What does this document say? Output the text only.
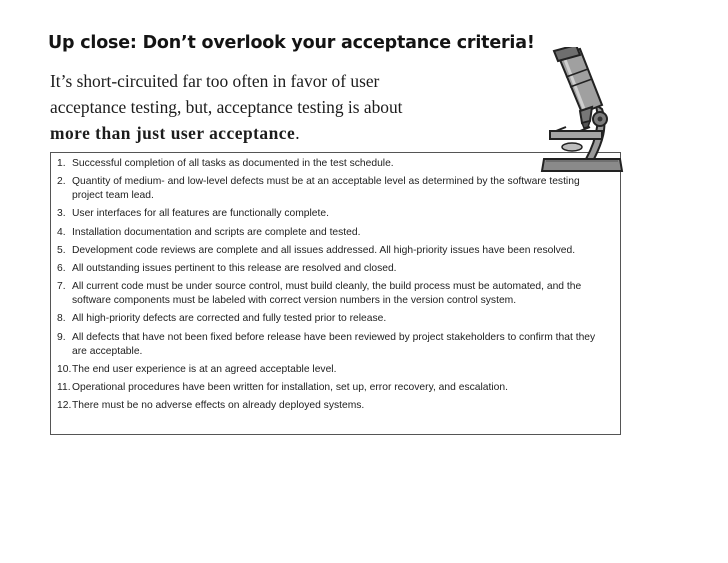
Up close: Don’t overlook your acceptance criteria!

It’s short-circuited far too often in favor of user
acceptance testing, but, acceptance testing is about
more than just user acceptance.

1. Successful completion of all tasks as documented in the test schedule.
2. Quantity of medium- and low-level defects must be at an acceptable level as determined by the software testing project team lead.
3. User interfaces for all features are functionally complete.
4. Installation documentation and scripts are complete and tested.
5. Development code reviews are complete and all issues addressed. All high-priority issues have been resolved.
6. All outstanding issues pertinent to this release are resolved and closed.
7. All current code must be under source control, must build cleanly, the build process must be automated, and the software components must be labeled with correct version numbers in the version control system.
8. All high-priority defects are corrected and fully tested prior to release.
9. All defects that have not been fixed before release have been reviewed by project stakeholders to confirm that they are acceptable.
10. The end user experience is at an agreed acceptable level.
11. Operational procedures have been written for installation, set up, error recovery, and escalation.
12. There must be no adverse effects on already deployed systems.
